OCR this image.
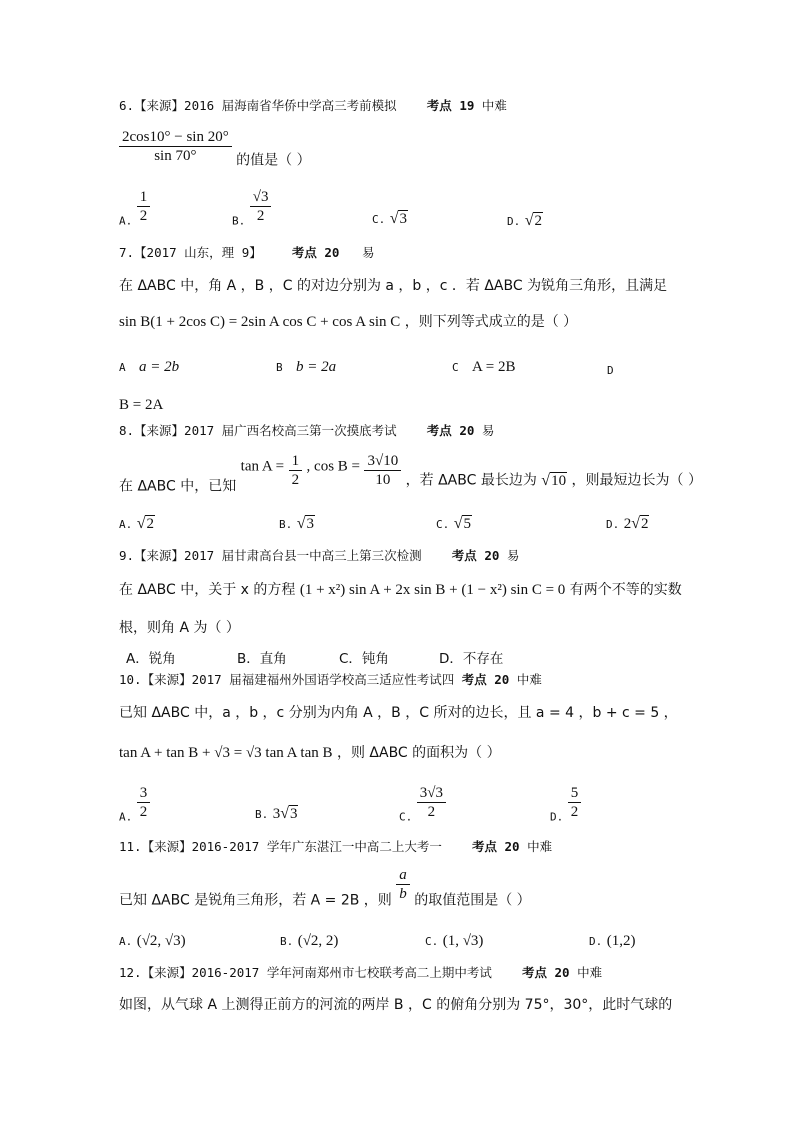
6.【来源】2016 届海南省华侨中学高三考前模拟 考点 19 中难
$\frac{2\cos 10^\circ - \sin 20^\circ}{\sin 70^\circ}$ 的值是（ ）
$_{A.} \frac{1}{2}$	$_{B.} \frac{√3}{2}$	C. √3	D. √2
7.【2017 山东，理 9】 考点 20 易
在 ΔABC 中，角 A ，B ，C 的对边分别为 a ，b ，c ．若 ΔABC 为锐角三角形，且满足
sin B(1 + 2cos C) = 2sin A cos C + cos A sin C ，则下列等式成立的是（ ）
A a = 2b	B b = 2a	C A = 2B	D
B = 2A
8.【来源】2017 届广西名校高三第一次摸底考试 考点 20 易
在 ΔABC 中，已知 $\tan A = \frac{1}{2}$ , $\cos B = \frac{3√10}{10}$ ，若 ΔABC 最长边为 √10 ，则最短边长为（ ）
A. √2	B. √3	C. √5	D. 2√2
9.【来源】2017 届甘肃高台县一中高三上第三次检测 考点 20 易
在 ΔABC 中，关于 x 的方程 (1 + x²) sin A + 2x sin B + (1 − x²) sin C = 0 有两个不等的实数
根，则角 A 为（ ）
A．锐角	B．直角	C．钝角	D．不存在
10.【来源】2017 届福建福州外国语学校高三适应性考试四 考点 20 中难
已知 ΔABC 中，a ，b ，c 分别为内角 A ，B ，C 所对的边长，且 a = 4 ，b + c = 5 ，
tan A + tan B + √3 = √3 tan A tan B ，则 ΔABC 的面积为（ ）
$_{A.} \frac{3}{2}$	B. 3√3	$_{C.} \frac{3√3}{2}$	$_{D.} \frac{5}{2}$
11.【来源】2016-2017 学年广东湛江一中高二上大考一 考点 20 中难
已知 ΔABC 是锐角三角形，若 A = 2B ，则 $\frac{a}{b}$ 的取值范围是（ ）
A. (√2, √3)	B. (√2, 2)	C. (1, √3)	D. (1,2)
12.【来源】2016-2017 学年河南郑州市七校联考高二上期中考试 考点 20 中难
如图，从气球 A 上测得正前方的河流的两岸 B ，C 的俯角分别为 75°，30°，此时气球的
